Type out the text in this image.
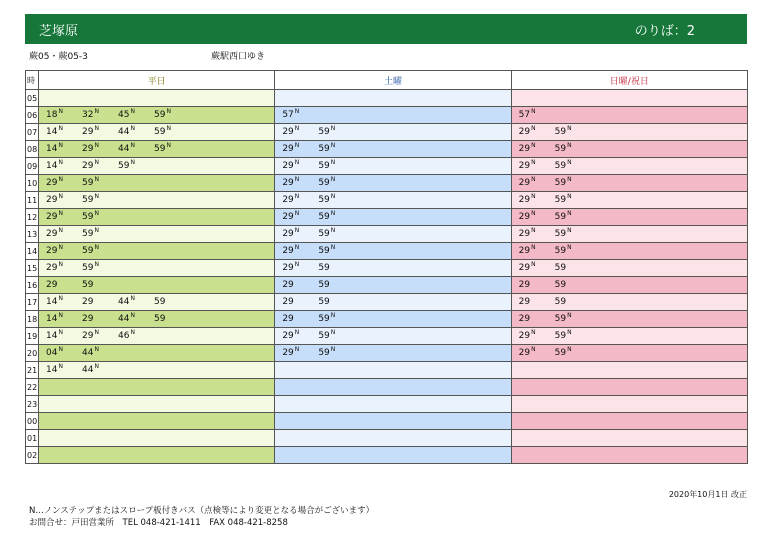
芝塚原	のりば：2
蕨05・蕨05-3	蕨駅西口ゆき
時	平日	土曜	日曜/祝日
05	

06	$18^N$ $32^N$ $45^N$ $59^N$	$57^N$	$57^N$

07	$14^N$ $29^N$ $44^N$ $59^N$	$29^N$ $59^N$	$29^N$ $59^N$

08	$14^N$ $29^N$ $44^N$ $59^N$	$29^N$ $59^N$	$29^N$ $59^N$

09	$14^N$ $29^N$ $59^N$	$29^N$ $59^N$	$29^N$ $59^N$

10	$29^N$ $59^N$	$29^N$ $59^N$	$29^N$ $59^N$

11	$29^N$ $59^N$	$29^N$ $59^N$	$29^N$ $59^N$

12	$29^N$ $59^N$	$29^N$ $59^N$	$29^N$ $59^N$

13	$29^N$ $59^N$	$29^N$ $59^N$	$29^N$ $59^N$

14	$29^N$ $59^N$	$29^N$ $59^N$	$29^N$ $59^N$

15	$29^N$ $59^N$	$29^N$ 59	$29^N$ 59

16	29 59	29 59	29 59

17	$14^N$ 29 $44^N$ 59	29 59	29 59

18	$14^N$ 29 $44^N$ 59	29 $59^N$	29 $59^N$

19	$14^N$ $29^N$ $46^N$	$29^N$ $59^N$	$29^N$ $59^N$

20	$04^N$ $44^N$	$29^N$ $59^N$	$29^N$ $59^N$

21	$14^N$ $44^N$

22	

23	

00	

01	

02	

2020年10月1日 改正
N…ノンステップまたはスロープ板付きバス（点検等により変更となる場合がございます）
お問合せ：戸田営業所　TEL 048-421-1411　FAX 048-421-8258
